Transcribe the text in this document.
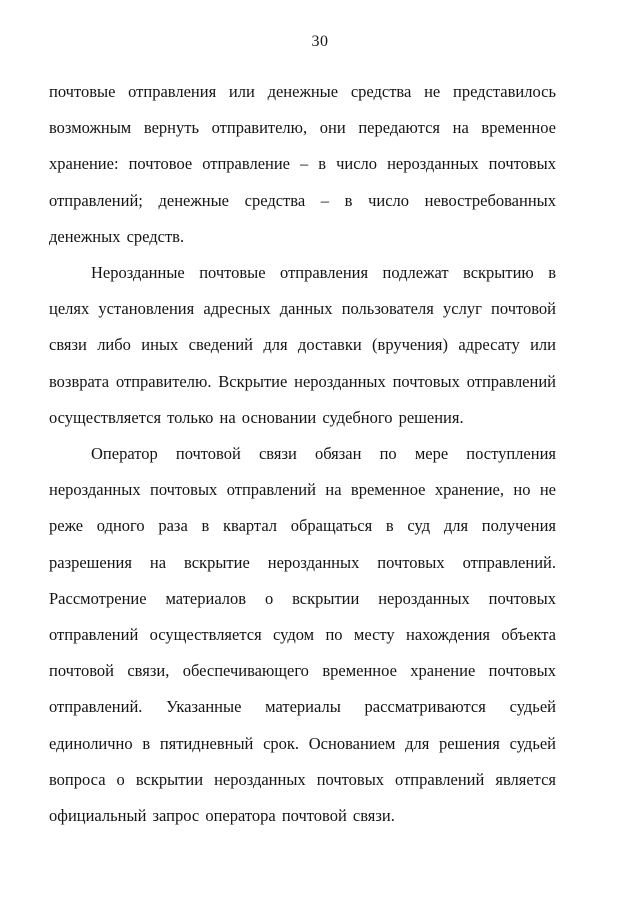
30

почтовые отправления или денежные средства не представилось возможным вернуть отправителю, они передаются на временное хранение: почтовое отправление – в число нерозданных почтовых отправлений; денежные средства – в число невостребованных денежных средств.

Нерозданные почтовые отправления подлежат вскрытию в целях установления адресных данных пользователя услуг почтовой связи либо иных сведений для доставки (вручения) адресату или возврата отправителю. Вскрытие нерозданных почтовых отправлений осуществляется только на основании судебного решения.

Оператор почтовой связи обязан по мере поступления нерозданных почтовых отправлений на временное хранение, но не реже одного раза в квартал обращаться в суд для получения разрешения на вскрытие нерозданных почтовых отправлений. Рассмотрение материалов о вскрытии нерозданных почтовых отправлений осуществляется судом по месту нахождения объекта почтовой связи, обеспечивающего временное хранение почтовых отправлений. Указанные материалы рассматриваются судьей единолично в пятидневный срок. Основанием для решения судьей вопроса о вскрытии нерозданных почтовых отправлений является официальный запрос оператора почтовой связи.
